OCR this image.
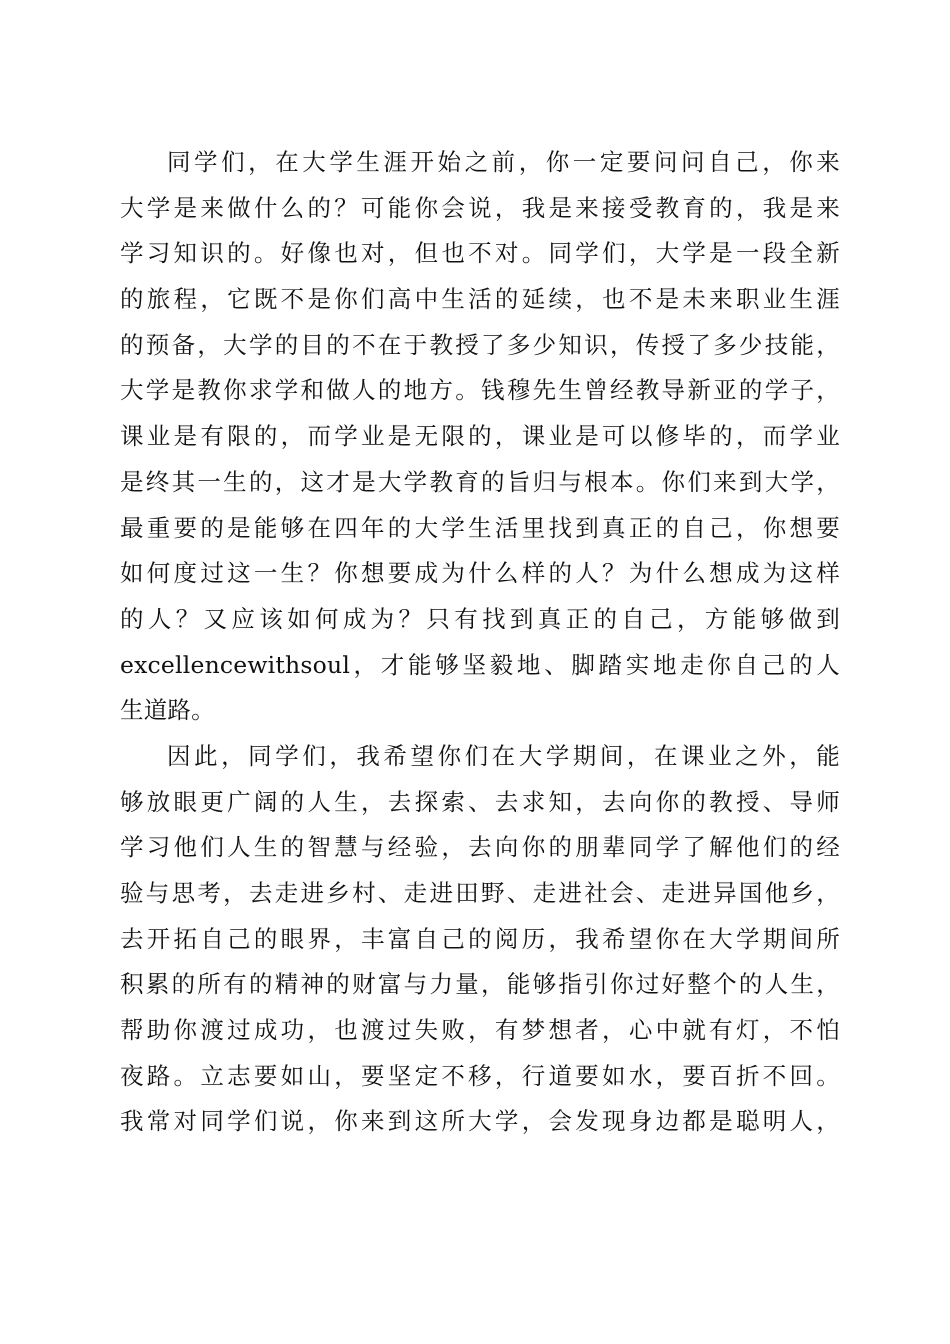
同学们，在大学生涯开始之前，你一定要问问自己，你来
大学是来做什么的？可能你会说，我是来接受教育的，我是来
学习知识的。好像也对，但也不对。同学们，大学是一段全新
的旅程，它既不是你们高中生活的延续，也不是未来职业生涯
的预备，大学的目的不在于教授了多少知识，传授了多少技能，
大学是教你求学和做人的地方。钱穆先生曾经教导新亚的学子，
课业是有限的，而学业是无限的，课业是可以修毕的，而学业
是终其一生的，这才是大学教育的旨归与根本。你们来到大学，
最重要的是能够在四年的大学生活里找到真正的自己，你想要
如何度过这一生？你想要成为什么样的人？为什么想成为这样
的人？又应该如何成为？只有找到真正的自己，方能够做到
excellencewithsoul，才能够坚毅地、脚踏实地走你自己的人
生道路。
因此，同学们，我希望你们在大学期间，在课业之外，能
够放眼更广阔的人生，去探索、去求知，去向你的教授、导师
学习他们人生的智慧与经验，去向你的朋辈同学了解他们的经
验与思考，去走进乡村、走进田野、走进社会、走进异国他乡，
去开拓自己的眼界，丰富自己的阅历，我希望你在大学期间所
积累的所有的精神的财富与力量，能够指引你过好整个的人生，
帮助你渡过成功，也渡过失败，有梦想者，心中就有灯，不怕
夜路。立志要如山，要坚定不移，行道要如水，要百折不回。
我常对同学们说，你来到这所大学，会发现身边都是聪明人，
